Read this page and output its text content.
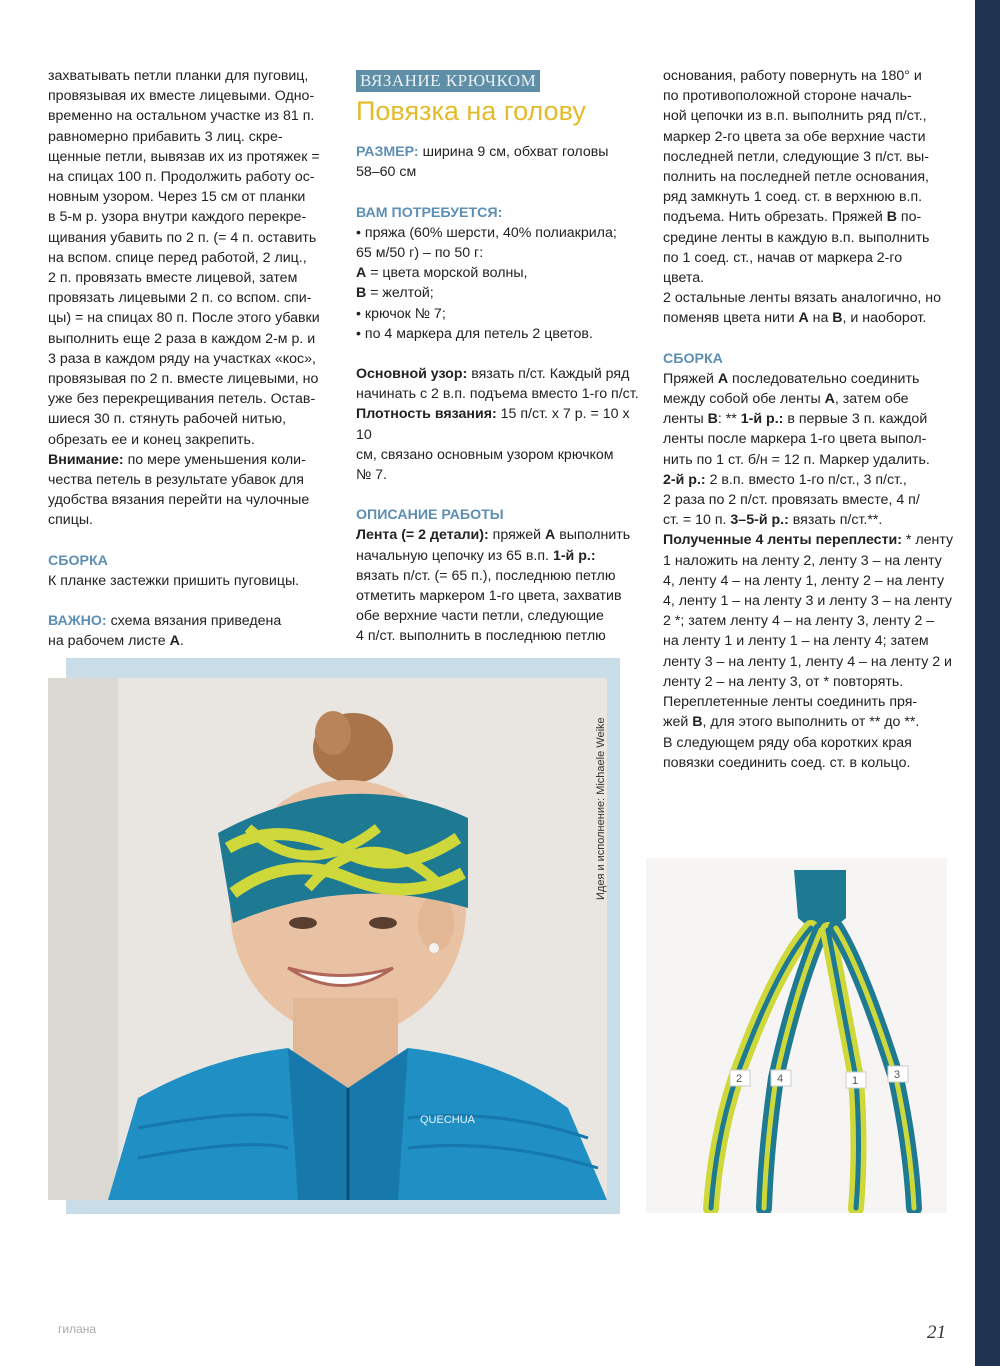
захватывать петли планки для пуговиц,

провязывая их вместе лицевыми. Одно-

временно на остальном участке из 81 п.

равномерно прибавить 3 лиц. скре-

щенные петли, вывязав их из протяжек =

на спицах 100 п. Продолжить работу ос-

новным узором. Через 15 см от планки

в 5-м р. узора внутри каждого перекре-

щивания убавить по 2 п. (= 4 п. оставить

на вспом. спице перед работой, 2 лиц.,

2 п. провязать вместе лицевой, затем

провязать лицевыми 2 п. со вспом. спи-

цы) = на спицах 80 п. После этого убавки

выполнить еще 2 раза в каждом 2-м р. и

3 раза в каждом ряду на участках «кос»,

провязывая по 2 п. вместе лицевыми, но

уже без перекрещивания петель. Остав-

шиеся 30 п. стянуть рабочей нитью,

обрезать ее и конец закрепить.

Внимание: по мере уменьшения коли-

чества петель в результате убавок для

удобства вязания перейти на чулочные

спицы.

СБОРКА

К планке застежки пришить пуговицы.

ВАЖНО: схема вязания приведена

на рабочем листе А.

ВЯЗАНИЕ КРЮЧКОМ
Повязка на голову

РАЗМЕР: ширина 9 см, обхват головы

58–60 см

ВАМ ПОТРЕБУЕТСЯ:

• пряжа (60% шерсти, 40% полиакрила;

65 м/50 г) – по 50 г:

А = цвета морской волны,

В = желтой;

• крючок № 7;

• по 4 маркера для петель 2 цветов.

Основной узор: вязать п/ст. Каждый ряд

начинать с 2 в.п. подъема вместо 1-го п/ст.

Плотность вязания: 15 п/ст. x 7 р. = 10 x 10

см, связано основным узором крючком

№ 7.

ОПИСАНИЕ РАБОТЫ

Лента (= 2 детали): пряжей А выполнить

начальную цепочку из 65 в.п. 1-й р.:

вязать п/ст. (= 65 п.), последнюю петлю

отметить маркером 1-го цвета, захватив

обе верхние части петли, следующие

4 п/ст. выполнить в последнюю петлю

основания, работу повернуть на 180° и

по противоположной стороне началь-

ной цепочки из в.п. выполнить ряд п/ст.,

маркер 2-го цвета за обе верхние части

последней петли, следующие 3 п/ст. вы-

полнить на последней петле основания,

ряд замкнуть 1 соед. ст. в верхнюю в.п.

подъема. Нить обрезать. Пряжей В по-

средине ленты в каждую в.п. выполнить

по 1 соед. ст., начав от маркера 2-го

цвета.

2 остальные ленты вязать аналогично, но

поменяв цвета нити А на В, и наоборот.

СБОРКА

Пряжей А последовательно соединить

между собой обе ленты А, затем обе

ленты В: ** 1-й р.: в первые 3 п. каждой

ленты после маркера 1-го цвета выпол-

нить по 1 ст. б/н = 12 п. Маркер удалить.

2-й р.: 2 в.п. вместо 1-го п/ст., 3 п/ст.,

2 раза по 2 п/ст. провязать вместе, 4 п/

ст. = 10 п. 3–5-й р.: вязать п/ст.**.

Полученные 4 ленты переплести: * ленту

1 наложить на ленту 2, ленту 3 – на ленту

4, ленту 4 – на ленту 1, ленту 2 – на ленту

4, ленту 1 – на ленту 3 и ленту 3 – на ленту

2 *; затем ленту 4 – на ленту 3, ленту 2 –

на ленту 1 и ленту 1 – на ленту 4; затем

ленту 3 – на ленту 1, ленту 4 – на ленту 2 и

ленту 2 – на ленту 3, от * повторять.

Переплетенные ленты соединить пря-

жей В, для этого выполнить от ** до **.

В следующем ряду оба коротких края

повязки соединить соед. ст. в кольцо.

QUECHUA
Идея и исполнение: Michaele Weike
2	4	1	3
гилана	21
